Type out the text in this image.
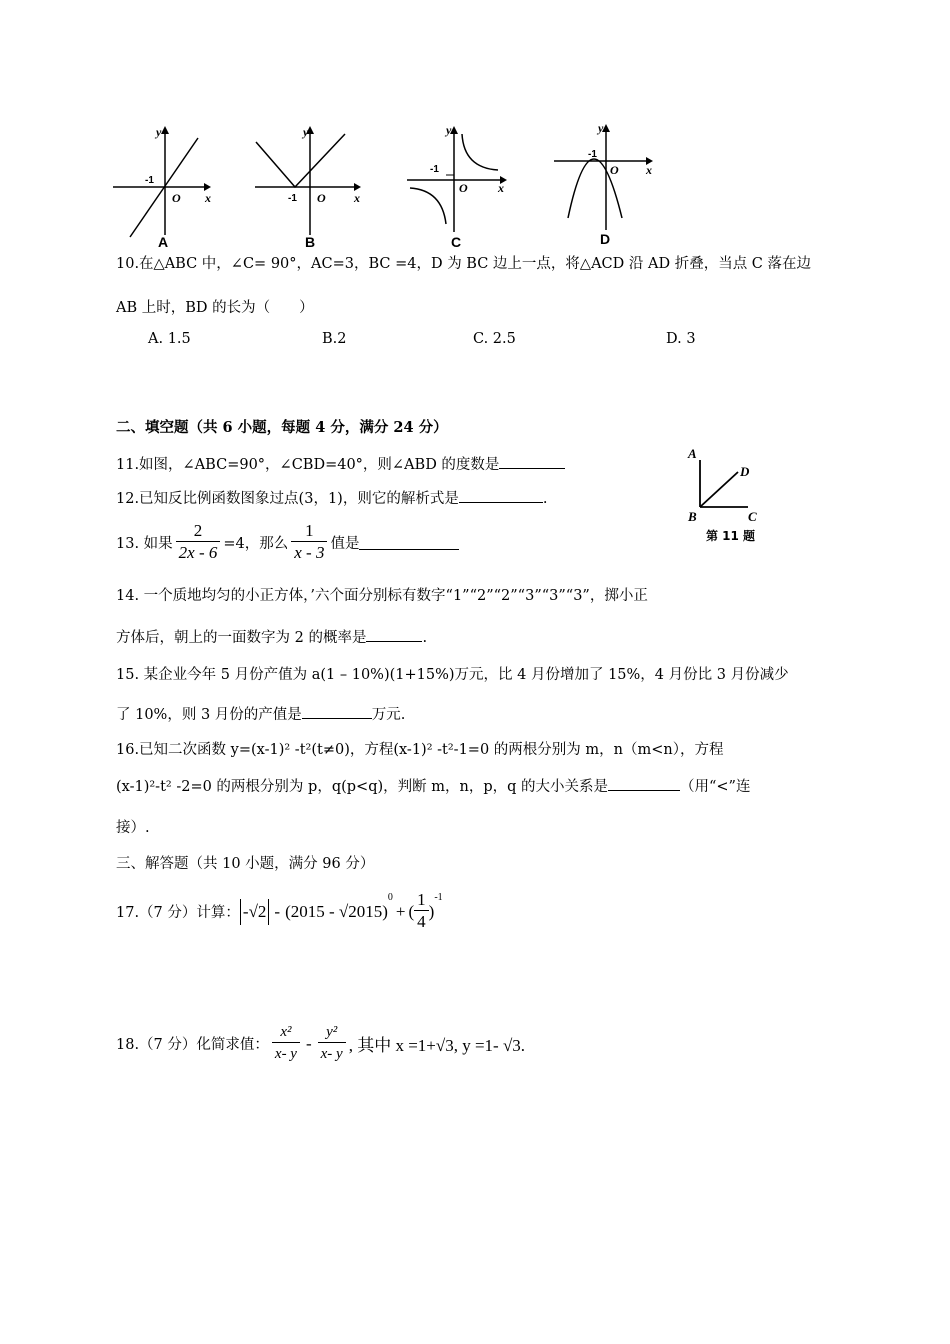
y
x
O
-1
A
y
x
O
-1
B
y
x
O
-1
C
y
x
O
-1
D
10.在△ABC 中，∠C= 90°，AC=3，BC =4，D 为 BC 边上一点，将△ACD 沿 AD 折叠，当点 C 落在边
AB 上时，BD 的长为（　　）
A. 1.5	B.2	C. 2.5	D. 3
二、填空题（共 6 小题，每题 4 分，满分 24 分）
11.如图，∠ABC=90°，∠CBD=40°，则∠ABD 的度数是
A
D
B	C
第 11 题
12.已知反比例函数图象过点(3，1)，则它的解析式是	.
13. 如果 $\frac{2}{2x - 6} =4$，那么 $\frac{1}{x - 3}$ 值是
14. 一个质地均匀的小正方体，’六个面分别标有数字“1”“2”“2”“3”“3”“3”，掷小正
方体后，朝上的一面数字为 2 的概率是	.
15. 某企业今年 5 月份产值为 a(1 – 10%)(1+15%)万元，比 4 月份增加了 15%，4 月份比 3 月份减少
了 10%，则 3 月份的产值是	万元.
16.已知二次函数 y=(x-1)² -t²(t≠0)，方程(x-1)² -t²-1=0 的两根分别为 m，n（m<n），方程
(x-1)²-t² -2=0 的两根分别为 p，q(p<q)，判断 m，n，p，q 的大小关系是	（用“<”连
接）.
三、解答题（共 10 小题，满分 96 分）
17.（7 分）计算： -√2 - (2015 - √2015)
0
+ ( $\frac{1}{4}$ )
-1
18.（7 分）化简求值： $\frac{\text{x²}}{x- y} - \frac{\text{y²}}{x- y}$ , 其中 x =1+√3, y =1- √3.
